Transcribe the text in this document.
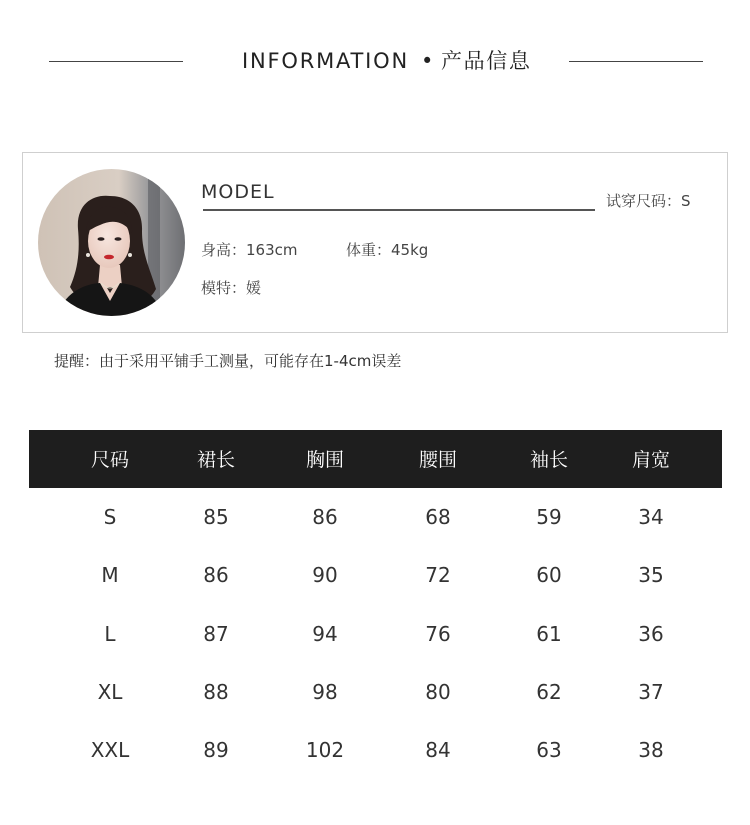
INFORMATION • 产品信息
MODEL	试穿尺码：S
身高：163cm	体重：45kg
模特：媛
提醒：由于采用平铺手工测量，可能存在1-4cm误差
尺码	裙长	胸围	腰围	袖长	肩宽
S	85	86	68	59	34
M	86	90	72	60	35
L	87	94	76	61	36
XL	88	98	80	62	37
XXL	89	102	84	63	38
